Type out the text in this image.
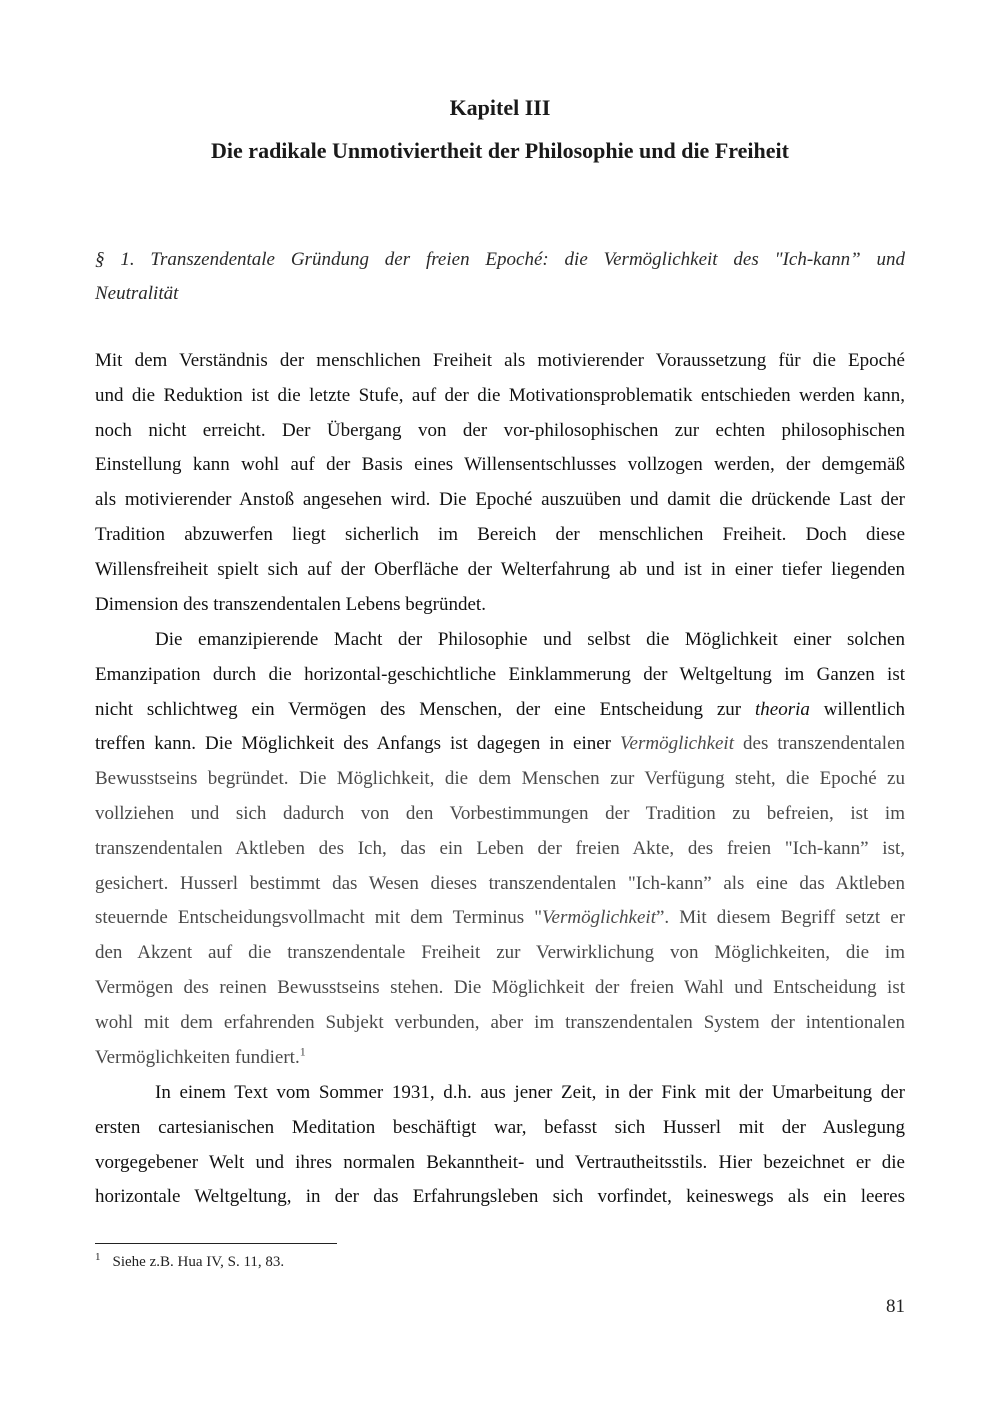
Kapitel III
Die radikale Unmotiviertheit der Philosophie und die Freiheit
§ 1. Transzendentale Gründung der freien Epoché: die Vermöglichkeit des "Ich-kann” und
Neutralität
Mit dem Verständnis der menschlichen Freiheit als motivierender Voraussetzung für die Epoché
und die Reduktion ist die letzte Stufe, auf der die Motivationsproblematik entschieden werden kann,
noch nicht erreicht. Der Übergang von der vor-philosophischen zur echten philosophischen
Einstellung kann wohl auf der Basis eines Willensentschlusses vollzogen werden, der demgemäß
als motivierender Anstoß angesehen wird. Die Epoché auszuüben und damit die drückende Last der
Tradition abzuwerfen liegt sicherlich im Bereich der menschlichen Freiheit. Doch diese
Willensfreiheit spielt sich auf der Oberfläche der Welterfahrung ab und ist in einer tiefer liegenden
Dimension des transzendentalen Lebens begründet.
Die emanzipierende Macht der Philosophie und selbst die Möglichkeit einer solchen
Emanzipation durch die horizontal-geschichtliche Einklammerung der Weltgeltung im Ganzen ist
nicht schlichtweg ein Vermögen des Menschen, der eine Entscheidung zur theoria willentlich
treffen kann. Die Möglichkeit des Anfangs ist dagegen in einer Vermöglichkeit des transzendentalen
Bewusstseins begründet. Die Möglichkeit, die dem Menschen zur Verfügung steht, die Epoché zu
vollziehen und sich dadurch von den Vorbestimmungen der Tradition zu befreien, ist im
transzendentalen Aktleben des Ich, das ein Leben der freien Akte, des freien "Ich-kann” ist,
gesichert. Husserl bestimmt das Wesen dieses transzendentalen "Ich-kann” als eine das Aktleben
steuernde Entscheidungsvollmacht mit dem Terminus "Vermöglichkeit”. Mit diesem Begriff setzt er
den Akzent auf die transzendentale Freiheit zur Verwirklichung von Möglichkeiten, die im
Vermögen des reinen Bewusstseins stehen. Die Möglichkeit der freien Wahl und Entscheidung ist
wohl mit dem erfahrenden Subjekt verbunden, aber im transzendentalen System der intentionalen
Vermöglichkeiten fundiert.$^1$
In einem Text vom Sommer 1931, d.h. aus jener Zeit, in der Fink mit der Umarbeitung der
ersten cartesianischen Meditation beschäftigt war, befasst sich Husserl mit der Auslegung
vorgegebener Welt und ihres normalen Bekanntheit- und Vertrautheitsstils. Hier bezeichnet er die
horizontale Weltgeltung, in der das Erfahrungsleben sich vorfindet, keineswegs als ein leeres
$^1$ Siehe z.B. Hua IV, S. 11, 83.
81
